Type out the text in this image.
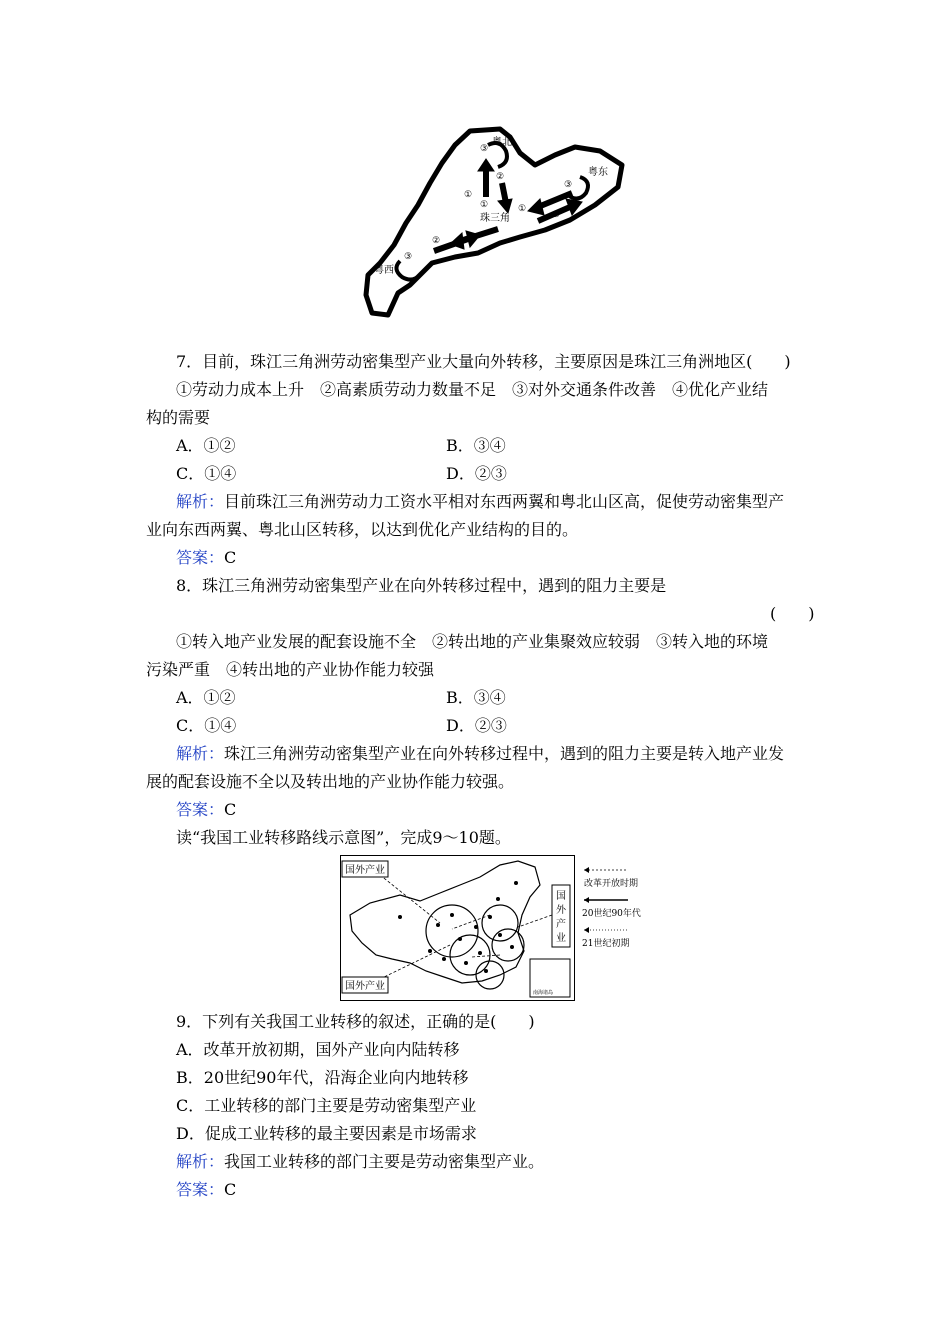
粤北
粤东
粤西
珠三角
③
②
①
①
②
③
①
②
③
7．目前，珠江三角洲劳动密集型产业大量向外转移，主要原因是珠江三角洲地区(　　)
①劳动力成本上升　②高素质劳动力数量不足　③对外交通条件改善　④优化产业结
构的需要
A．①②	B．③④
C．①④	D．②③
解析：目前珠江三角洲劳动力工资水平相对东西两翼和粤北山区高，促使劳动密集型产
业向东西两翼、粤北山区转移，以达到优化产业结构的目的。
答案：C
8．珠江三角洲劳动密集型产业在向外转移过程中，遇到的阻力主要是
(　　)
①转入地产业发展的配套设施不全　②转出地的产业集聚效应较弱　③转入地的环境
污染严重　④转出地的产业协作能力较强
A．①②	B．③④
C．①④	D．②③
解析：珠江三角洲劳动密集型产业在向外转移过程中，遇到的阻力主要是转入地产业发
展的配套设施不全以及转出地的产业协作能力较强。
答案：C
读“我国工业转移路线示意图”，完成9～10题。
国外产业
国外产业
国
外
产
业
南海诸岛
改革开放时期
20世纪90年代
21世纪初期
9．下列有关我国工业转移的叙述，正确的是(　　)
A．改革开放初期，国外产业向内陆转移
B．20世纪90年代，沿海企业向内地转移
C．工业转移的部门主要是劳动密集型产业
D．促成工业转移的最主要因素是市场需求
解析：我国工业转移的部门主要是劳动密集型产业。
答案：C
